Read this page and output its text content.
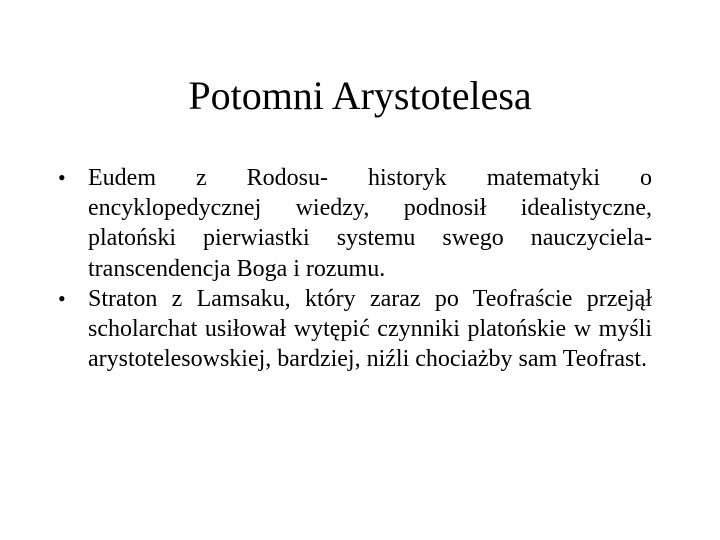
Potomni Arystotelesa
• Eudem z Rodosu- historyk matematyki o encyklopedycznej wiedzy, podnosił idealistyczne, platoński pierwiastki systemu swego nauczyciela-transcendencja Boga i rozumu.
• Straton z Lamsaku, który zaraz po Teofraście przejął scholarchat usiłował wytępić czynniki platońskie w myśli arystotelesowskiej, bardziej, niźli chociażby sam Teofrast.
